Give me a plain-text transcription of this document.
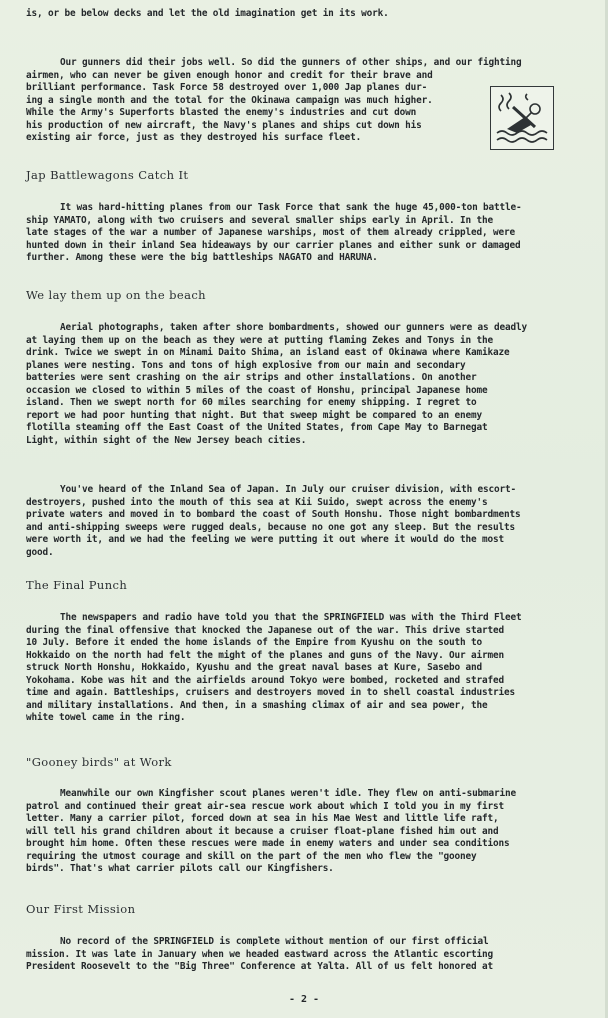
is, or be below decks and let the old imagination get in its work.

Our gunners did their jobs well. So did the gunners of other ships, and our fighting
airmen, who can never be given enough honor and credit for their brave and
brilliant performance. Task Force 58 destroyed over 1,000 Jap planes dur-
ing a single month and the total for the Okinawa campaign was much higher.
While the Army's Superforts blasted the enemy's industries and cut down
his production of new aircraft, the Navy's planes and ships cut down his
existing air force, just as they destroyed his surface fleet.

Jap Battlewagons Catch It

It was hard-hitting planes from our Task Force that sank the huge 45,000-ton battle-
ship YAMATO, along with two cruisers and several smaller ships early in April. In the
late stages of the war a number of Japanese warships, most of them already crippled, were
hunted down in their inland Sea hideaways by our carrier planes and either sunk or damaged
further. Among these were the big battleships NAGATO and HARUNA.

We lay them up on the beach

Aerial photographs, taken after shore bombardments, showed our gunners were as deadly
at laying them up on the beach as they were at putting flaming Zekes and Tonys in the
drink. Twice we swept in on Minami Daito Shima, an island east of Okinawa where Kamikaze
planes were nesting. Tons and tons of high explosive from our main and secondary
batteries were sent crashing on the air strips and other installations. On another
occasion we closed to within 5 miles of the coast of Honshu, principal Japanese home
island. Then we swept north for 60 miles searching for enemy shipping. I regret to
report we had poor hunting that night. But that sweep might be compared to an enemy
flotilla steaming off the East Coast of the United States, from Cape May to Barnegat
Light, within sight of the New Jersey beach cities.

You've heard of the Inland Sea of Japan. In July our cruiser division, with escort-
destroyers, pushed into the mouth of this sea at Kii Suido, swept across the enemy's
private waters and moved in to bombard the coast of South Honshu. Those night bombardments
and anti-shipping sweeps were rugged deals, because no one got any sleep. But the results
were worth it, and we had the feeling we were putting it out where it would do the most
good.

The Final Punch

The newspapers and radio have told you that the SPRINGFIELD was with the Third Fleet
during the final offensive that knocked the Japanese out of the war. This drive started
10 July. Before it ended the home islands of the Empire from Kyushu on the south to
Hokkaido on the north had felt the might of the planes and guns of the Navy. Our airmen
struck North Honshu, Hokkaido, Kyushu and the great naval bases at Kure, Sasebo and
Yokohama. Kobe was hit and the airfields around Tokyo were bombed, rocketed and strafed
time and again. Battleships, cruisers and destroyers moved in to shell coastal industries
and military installations. And then, in a smashing climax of air and sea power, the
white towel came in the ring.

"Gooney birds" at Work

Meanwhile our own Kingfisher scout planes weren't idle. They flew on anti-submarine
patrol and continued their great air-sea rescue work about which I told you in my first
letter. Many a carrier pilot, forced down at sea in his Mae West and little life raft,
will tell his grand children about it because a cruiser float-plane fished him out and
brought him home. Often these rescues were made in enemy waters and under sea conditions
requiring the utmost courage and skill on the part of the men who flew the "gooney
birds". That's what carrier pilots call our Kingfishers.

Our First Mission

No record of the SPRINGFIELD is complete without mention of our first official
mission. It was late in January when we headed eastward across the Atlantic escorting
President Roosevelt to the "Big Three" Conference at Yalta. All of us felt honored at

- 2 -
